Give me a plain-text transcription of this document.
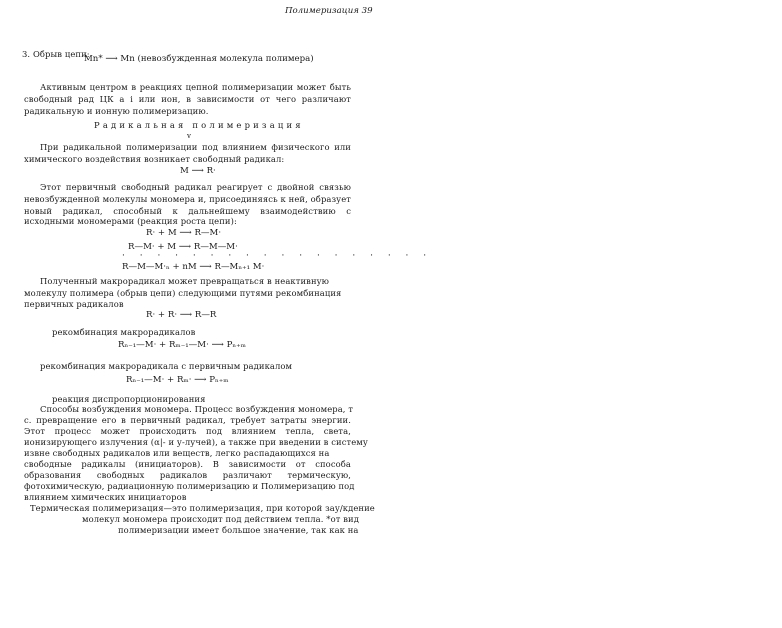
Полимеризация 39
3. Обрыв цепи:
Mn* ⟶ Mn (невозбужденная молекула полимера)
Активным центром в реакциях цепной полимеризации может быть
свободный рад ЦК а і или ион, в зависимости от чего различают
радикальную и ионную полимеризацию.
Радикальная полимеризация
v
При радикальной полимеризации под влиянием физического или
химического воздействия возникает свободный радикал:
M ⟶ R·
Этот первичный свободный радикал реагирует с двойной связью
невозбужденной молекулы мономера и, присоединяясь к ней, образует
новый радикал, способный к дальнейшему взаимодействию с
исходными мономерами (реакция роста цепи):
R· + M ⟶ R—M·
R—M· + M ⟶ R—M—M·
· · · · · · · · · · · · · · · · · ·
R—M—M·ₙ + nM ⟶ R—Mₙ₊₁ M·
Полученный макрорадикал может превращаться в неактивную
молекулу полимера (обрыв цепи) следующими путями рекомбинация
первичных радикалов
R· + R· ⟶ R—R
рекомбинация макрорадикалов
Rₙ₋₁—M· + Rₘ₋₁—M· ⟶ Pₙ₊ₘ
рекомбинация макрорадикала с первичным радикалом
Rₙ₋₁—M· + Rₘ· ⟶ Pₙ₊ₘ
реакция диспропорционирования
Способы возбуждения мономера. Процесс возбуждения мономера, т
с. превращение его в первичный радикал, требует затраты энергии.
Этот процесс может происходить под влиянием тепла, света,
ионизирующего излучения (α|- и у-лучей), а также при введении в систему
извне свободных радикалов или веществ, легко распадающихся на
свободные радикалы (инициаторов). В зависимости от способа
образования свободных радикалов различают термическую,
фотохимическую, радиационную полимеризацию и Полимеризацию под
влиянием химических инициаторов
Термическая полимеризация—это полимеризация, при которой зау/кдение
молекул мономера происходит под действием тепла. *от вид
полимеризации имеет большое значение, так как на
